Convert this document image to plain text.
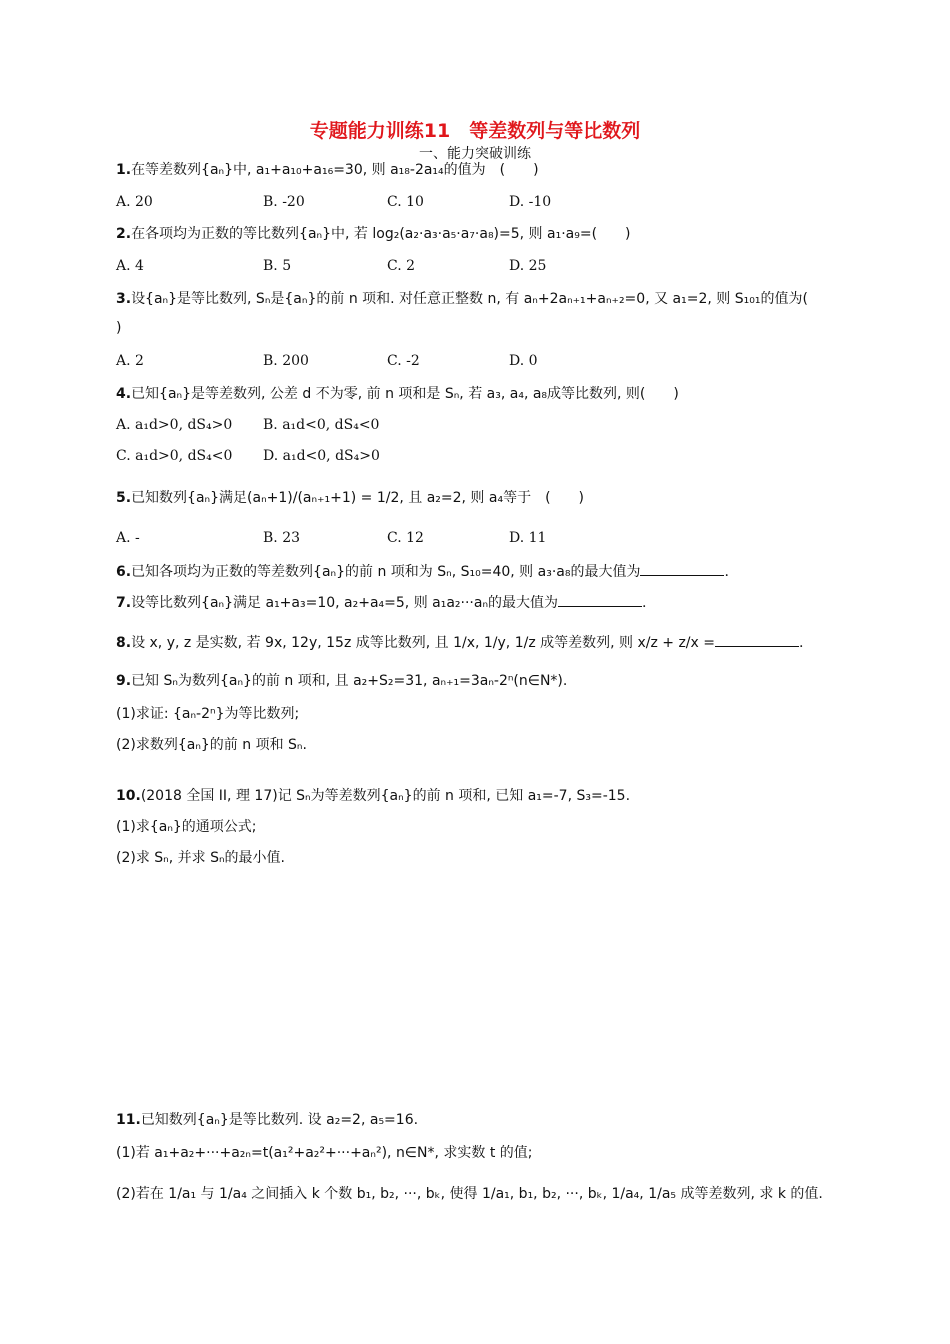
专题能力训练11　等差数列与等比数列
一、能力突破训练
1.在等差数列{aₙ}中, a₁+a₁₀+a₁₆=30, 则 a₁₈-2a₁₄的值为　(　　)
A. 20	B. -20	C. 10	D. -10
2.在各项均为正数的等比数列{aₙ}中, 若 log₂(a₂·a₃·a₅·a₇·a₈)=5, 则 a₁·a₉=(　　)
A. 4	B. 5	C. 2	D. 25
3.设{aₙ}是等比数列, Sₙ是{aₙ}的前 n 项和. 对任意正整数 n, 有 aₙ+2aₙ₊₁+aₙ₊₂=0, 又 a₁=2, 则 S₁₀₁的值为(
)
A. 2	B. 200	C. -2	D. 0
4.已知{aₙ}是等差数列, 公差 d 不为零, 前 n 项和是 Sₙ, 若 a₃, a₄, a₈成等比数列, 则(　　)
A. a₁d>0, dS₄>0 B. a₁d<0, dS₄<0
C. a₁d>0, dS₄<0 D. a₁d<0, dS₄>0
5.已知数列{aₙ}满足(aₙ+1)/(aₙ₊₁+1) = 1/2, 且 a₂=2, 则 a₄等于　(　　)
A. -	B. 23	C. 12	D. 11
6.已知各项均为正数的等差数列{aₙ}的前 n 项和为 Sₙ, S₁₀=40, 则 a₃·a₈的最大值为	.
7.设等比数列{aₙ}满足 a₁+a₃=10, a₂+a₄=5, 则 a₁a₂···aₙ的最大值为	.
8.设 x, y, z 是实数, 若 9x, 12y, 15z 成等比数列, 且 1/x, 1/y, 1/z 成等差数列, 则 x/z + z/x =	.
9.已知 Sₙ为数列{aₙ}的前 n 项和, 且 a₂+S₂=31, aₙ₊₁=3aₙ-2ⁿ(n∈N*).
(1)求证: {aₙ-2ⁿ}为等比数列;
(2)求数列{aₙ}的前 n 项和 Sₙ.
10.(2018 全国 II, 理 17)记 Sₙ为等差数列{aₙ}的前 n 项和, 已知 a₁=-7, S₃=-15.
(1)求{aₙ}的通项公式;
(2)求 Sₙ, 并求 Sₙ的最小值.
11.已知数列{aₙ}是等比数列. 设 a₂=2, a₅=16.
(1)若 a₁+a₂+···+a₂ₙ=t(a₁²+a₂²+···+aₙ²), n∈N*, 求实数 t 的值;
(2)若在 1/a₁ 与 1/a₄ 之间插入 k 个数 b₁, b₂, ···, bₖ, 使得 1/a₁, b₁, b₂, ···, bₖ, 1/a₄, 1/a₅ 成等差数列, 求 k 的值.
